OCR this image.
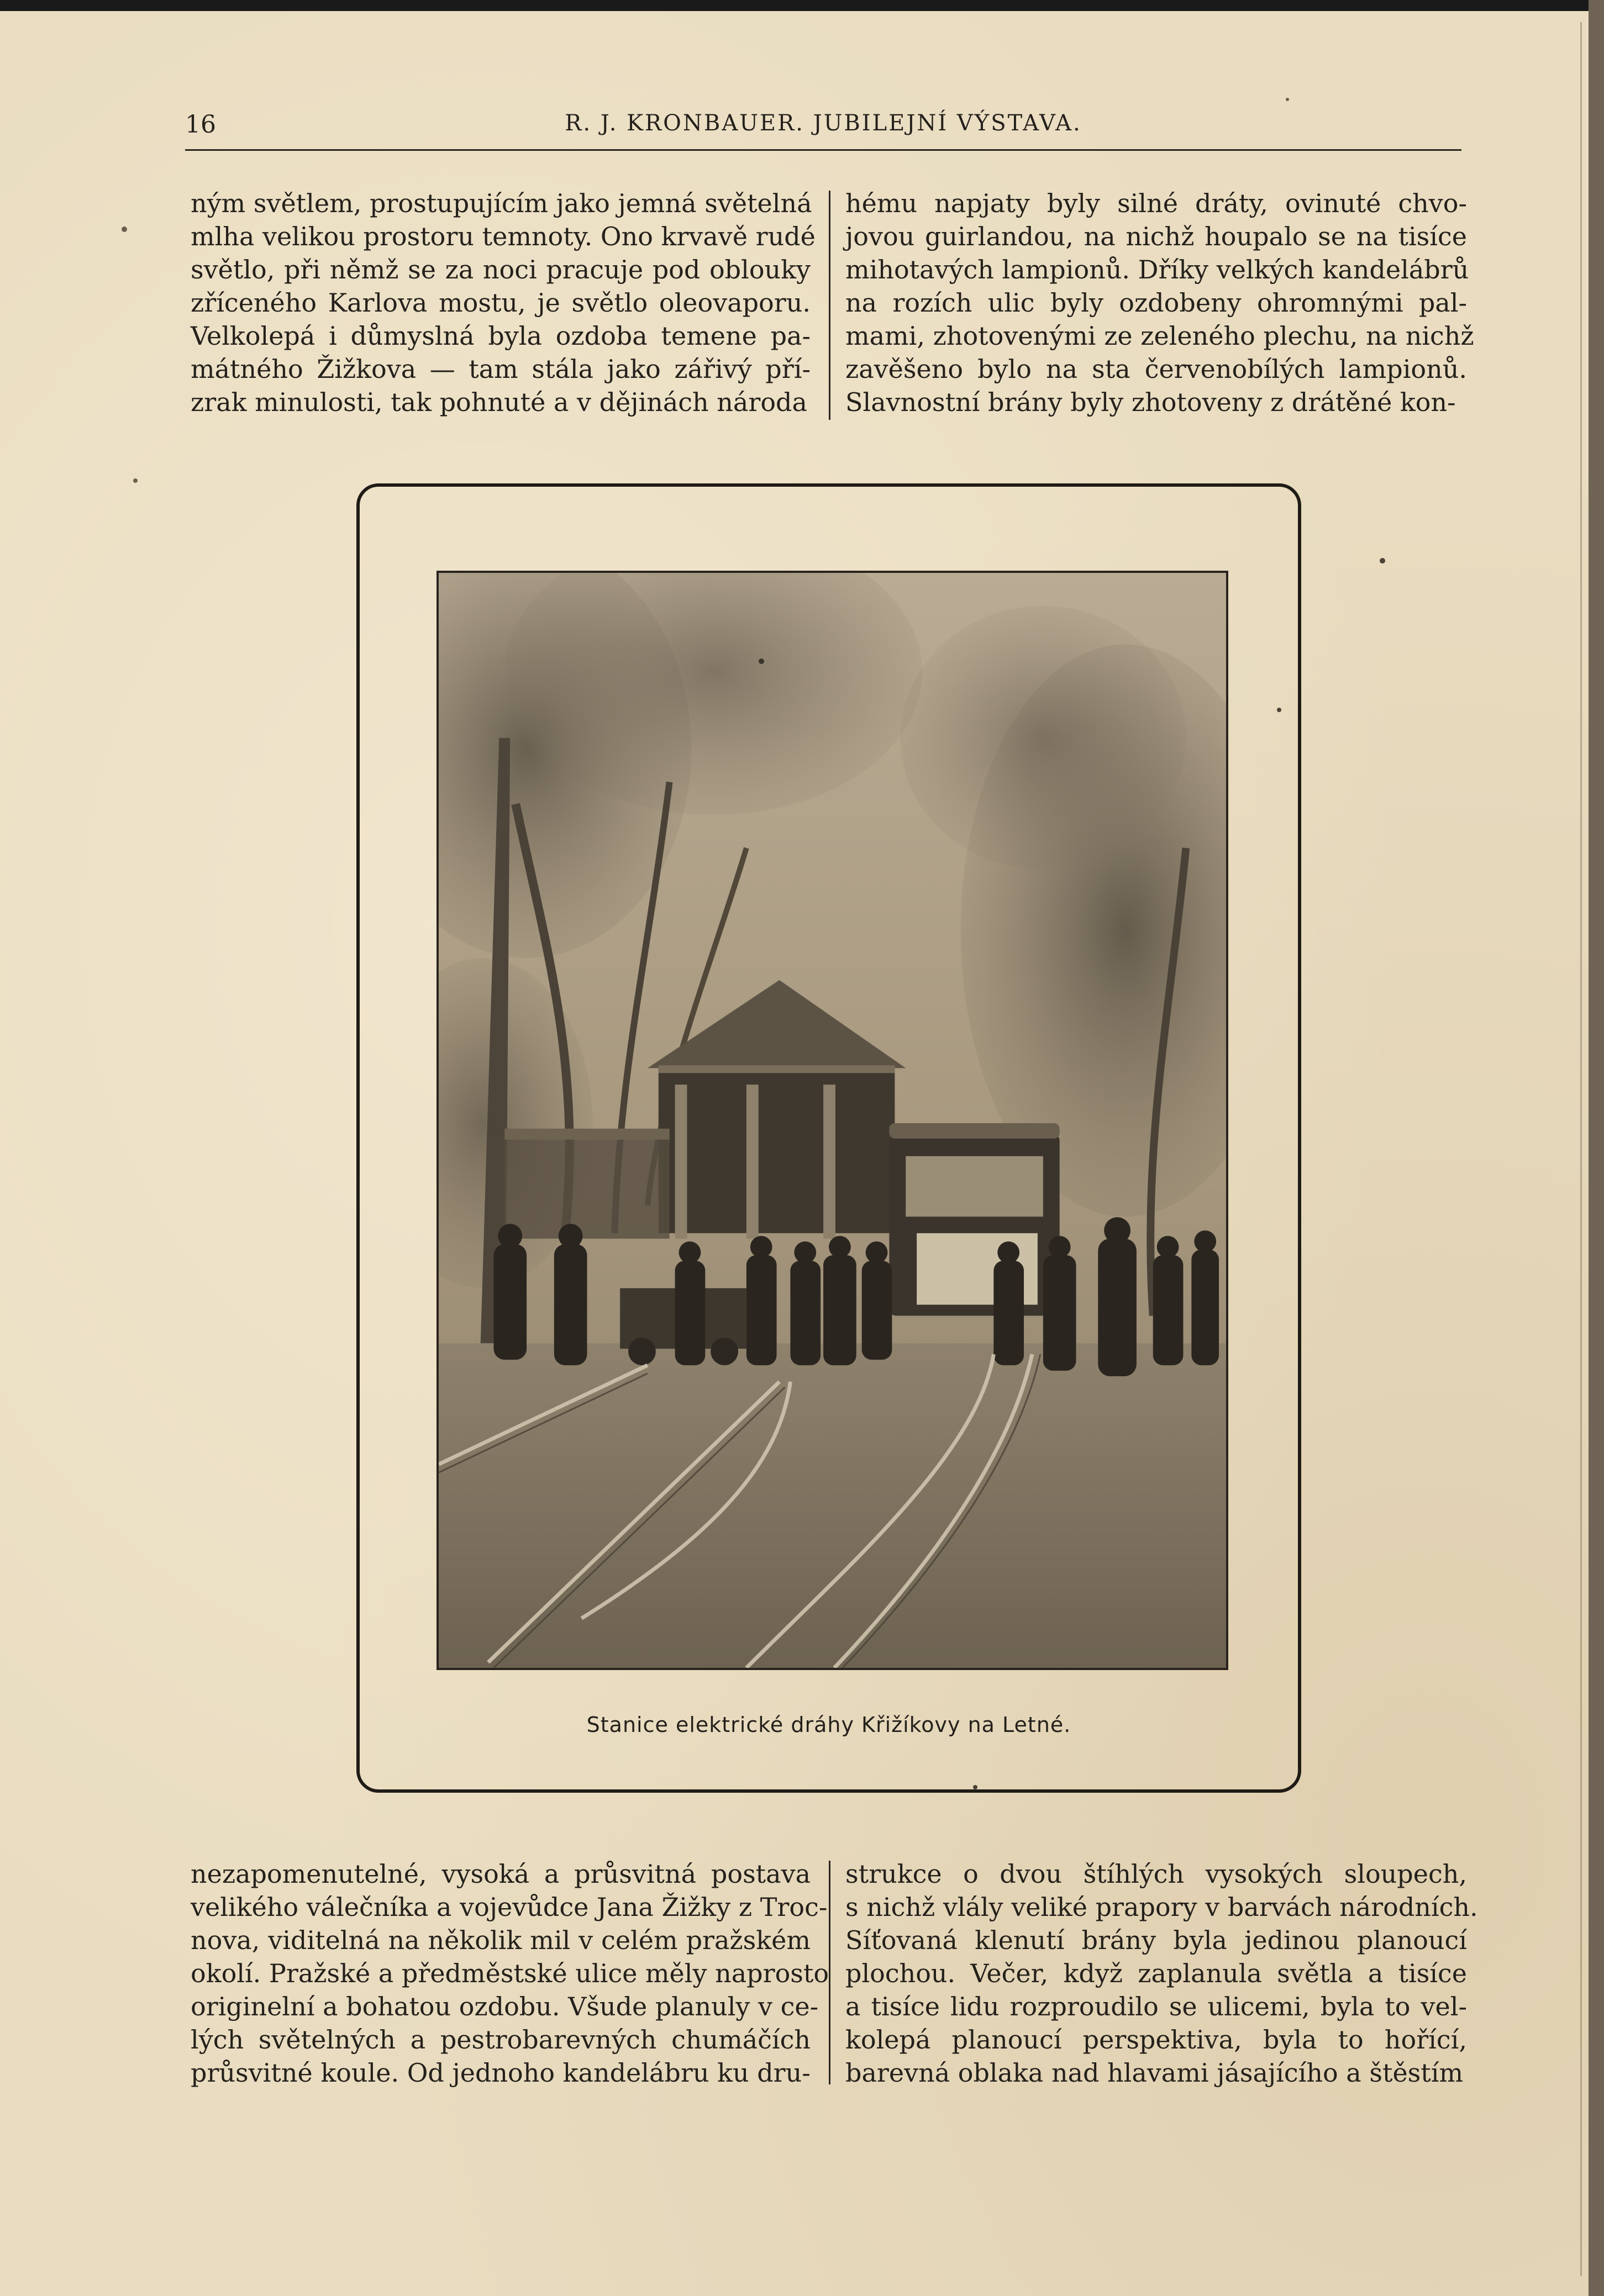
16	R. J. KRONBAUER. JUBILEJNÍ VÝSTAVA.
ným světlem, prostupujícím jako jemná světelná
mlha velikou prostoru temnoty. Ono krvavě rudé
světlo, při němž se za noci pracuje pod oblouky
zříceného Karlova mostu, je světlo oleovaporu.
Velkolepá i důmyslná byla ozdoba temene pa-
mátného Žižkova — tam stála jako zářivý pří-
zrak minulosti, tak pohnuté a v dějinách národa
hému napjaty byly silné dráty, ovinuté chvo-
jovou guirlandou, na nichž houpalo se na tisíce
mihotavých lampionů. Dříky velkých kandelábrů
na rozích ulic byly ozdobeny ohromnými pal-
mami, zhotovenými ze zeleného plechu, na nichž
zavěšeno bylo na sta červenobílých lampionů.
Slavnostní brány byly zhotoveny z drátěné kon-
Stanice elektrické dráhy Křižíkovy na Letné.
nezapomenutelné, vysoká a průsvitná postava
velikého válečníka a vojevůdce Jana Žižky z Troc-
nova, viditelná na několik mil v celém pražském
okolí. Pražské a předměstské ulice měly naprosto
originelní a bohatou ozdobu. Všude planuly v ce-
lých světelných a pestrobarevných chumáčích
průsvitné koule. Od jednoho kandelábru ku dru-
strukce o dvou štíhlých vysokých sloupech,
s nichž vlály veliké prapory v barvách národních.
Síťovaná klenutí brány byla jedinou planoucí
plochou. Večer, když zaplanula světla a tisíce
a tisíce lidu rozproudilo se ulicemi, byla to vel-
kolepá planoucí perspektiva, byla to hořící,
barevná oblaka nad hlavami jásajícího a štěstím
